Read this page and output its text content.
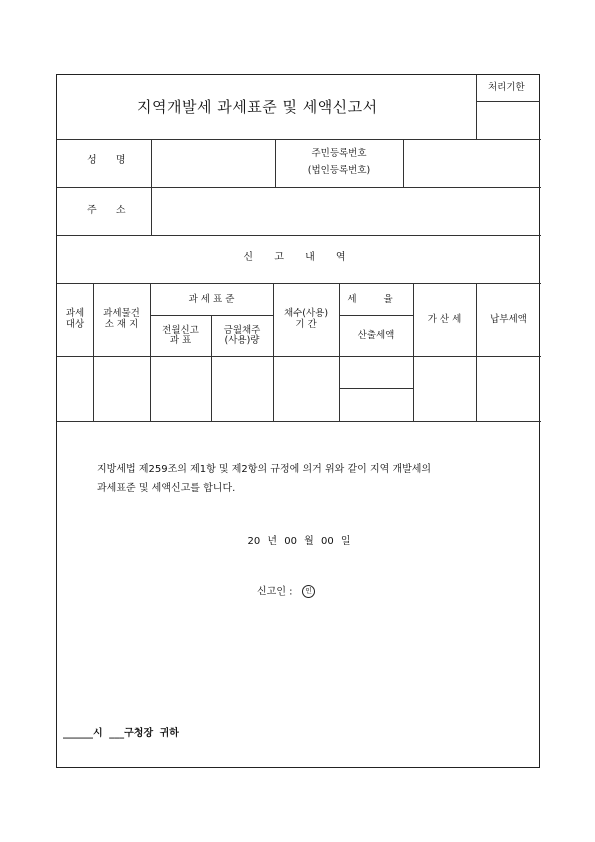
지역개발세 과세표준 및 세액신고서
처리기한
성 명
주민등록번호
(법인등록번호)
주 소
신 고 내 역
과세
대상
과세물건
소 재 지
과 세 표 준
전월신고
과 표
금월채주
(사용)량
채수(사용)
기 간
세 율
산출세액
가 산 세	납부세액
지방세법 제259조의 제1항 및 제2항의 규정에 의거 위와 같이 지역 개발세의
과세표준 및 세액신고를 합니다.
20 년 00 월 00 일
신고인 : 인
______시 ___구청장 귀하
